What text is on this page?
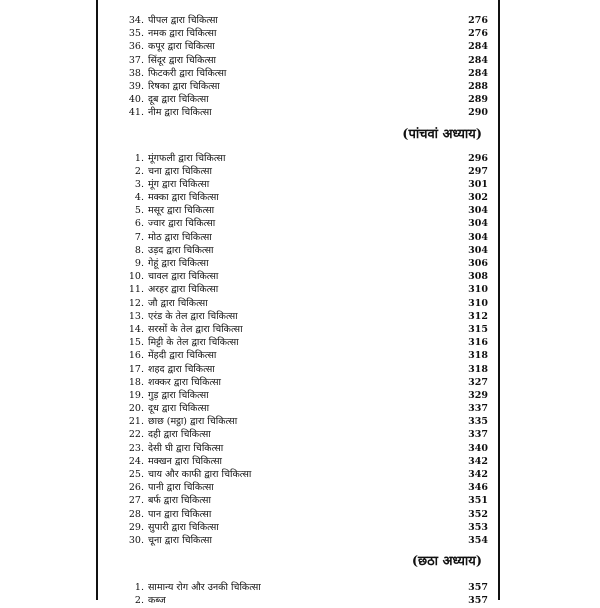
34. पीपल द्वारा चिकित्सा	276
35. नमक द्वारा चिकित्सा	276
36. कपूर द्वारा चिकित्सा	284
37. सिंदूर द्वारा चिकित्सा	284
38. फिटकरी द्वारा चिकित्सा	284
39. रिषका द्वारा चिकित्सा	288
40. दूब द्वारा चिकित्सा	289
41. नीम द्वारा चिकित्सा	290
(पांचवां अध्याय)
1. मूंगफली द्वारा चिकित्सा	296
2. चना द्वारा चिकित्सा	297
3. मूंग द्वारा चिकित्सा	301
4. मक्का द्वारा चिकित्सा	302
5. मसूर द्वारा चिकित्सा	304
6. ज्वार द्वारा चिकित्सा	304
7. मोठ द्वारा चिकित्सा	304
8. उड़द द्वारा चिकित्सा	304
9. गेहूं द्वारा चिकित्सा	306
10. चावल द्वारा चिकित्सा	308
11. अरहर द्वारा चिकित्सा	310
12. जौ द्वारा चिकित्सा	310
13. एरंड के तेल द्वारा चिकित्सा	312
14. सरसों के तेल द्वारा चिकित्सा	315
15. मिट्टी के तेल द्वारा चिकित्सा	316
16. मेंहदी द्वारा चिकित्सा	318
17. शहद द्वारा चिकित्सा	318
18. शक्कर द्वारा चिकित्सा	327
19. गुड़ द्वारा चिकित्सा	329
20. दूध द्वारा चिकित्सा	337
21. छाछ (मट्ठा) द्वारा चिकित्सा	335
22. दही द्वारा चिकित्सा	337
23. देसी घी द्वारा चिकित्सा	340
24. मक्खन द्वारा चिकित्सा	342
25. चाय और काफी द्वारा चिकित्सा	342
26. पानी द्वारा चिकित्सा	346
27. बर्फ द्वारा चिकित्सा	351
28. पान द्वारा चिकित्सा	352
29. सुपारी द्वारा चिकित्सा	353
30. चूना द्वारा चिकित्सा	354
(छठा अध्याय)
1. सामान्य रोग और उनकी चिकित्सा	357
2. कब्ज	357
